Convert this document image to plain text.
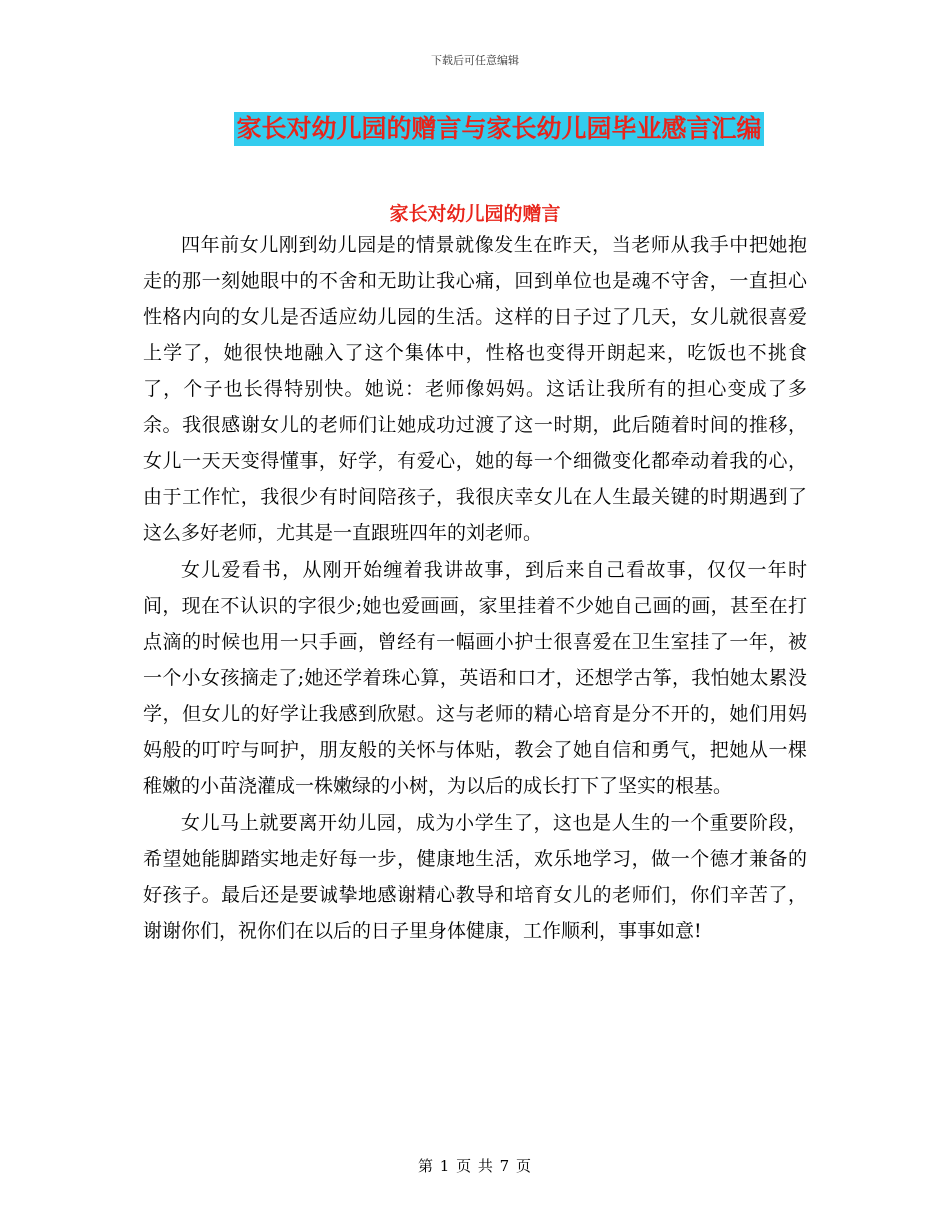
下载后可任意编辑
家长对幼儿园的赠言与家长幼儿园毕业感言汇编
家长对幼儿园的赠言

四年前女儿刚到幼儿园是的情景就像发生在昨天，当老师从我手中把她抱走的那一刻她眼中的不舍和无助让我心痛，回到单位也是魂不守舍，一直担心性格内向的女儿是否适应幼儿园的生活。这样的日子过了几天，女儿就很喜爱上学了，她很快地融入了这个集体中，性格也变得开朗起来，吃饭也不挑食了，个子也长得特别快。她说：老师像妈妈。这话让我所有的担心变成了多余。我很感谢女儿的老师们让她成功过渡了这一时期，此后随着时间的推移，女儿一天天变得懂事，好学，有爱心，她的每一个细微变化都牵动着我的心，由于工作忙，我很少有时间陪孩子，我很庆幸女儿在人生最关键的时期遇到了这么多好老师，尤其是一直跟班四年的刘老师。

女儿爱看书，从刚开始缠着我讲故事，到后来自己看故事，仅仅一年时间，现在不认识的字很少;她也爱画画，家里挂着不少她自己画的画，甚至在打点滴的时候也用一只手画，曾经有一幅画小护士很喜爱在卫生室挂了一年，被一个小女孩摘走了;她还学着珠心算，英语和口才，还想学古筝，我怕她太累没学，但女儿的好学让我感到欣慰。这与老师的精心培育是分不开的，她们用妈妈般的叮咛与呵护，朋友般的关怀与体贴，教会了她自信和勇气，把她从一棵稚嫩的小苗浇灌成一株嫩绿的小树，为以后的成长打下了坚实的根基。

女儿马上就要离开幼儿园，成为小学生了，这也是人生的一个重要阶段，希望她能脚踏实地走好每一步，健康地生活，欢乐地学习，做一个德才兼备的好孩子。最后还是要诚挚地感谢精心教导和培育女儿的老师们，你们辛苦了，谢谢你们，祝你们在以后的日子里身体健康，工作顺利，事事如意!

第 1 页 共 7 页
